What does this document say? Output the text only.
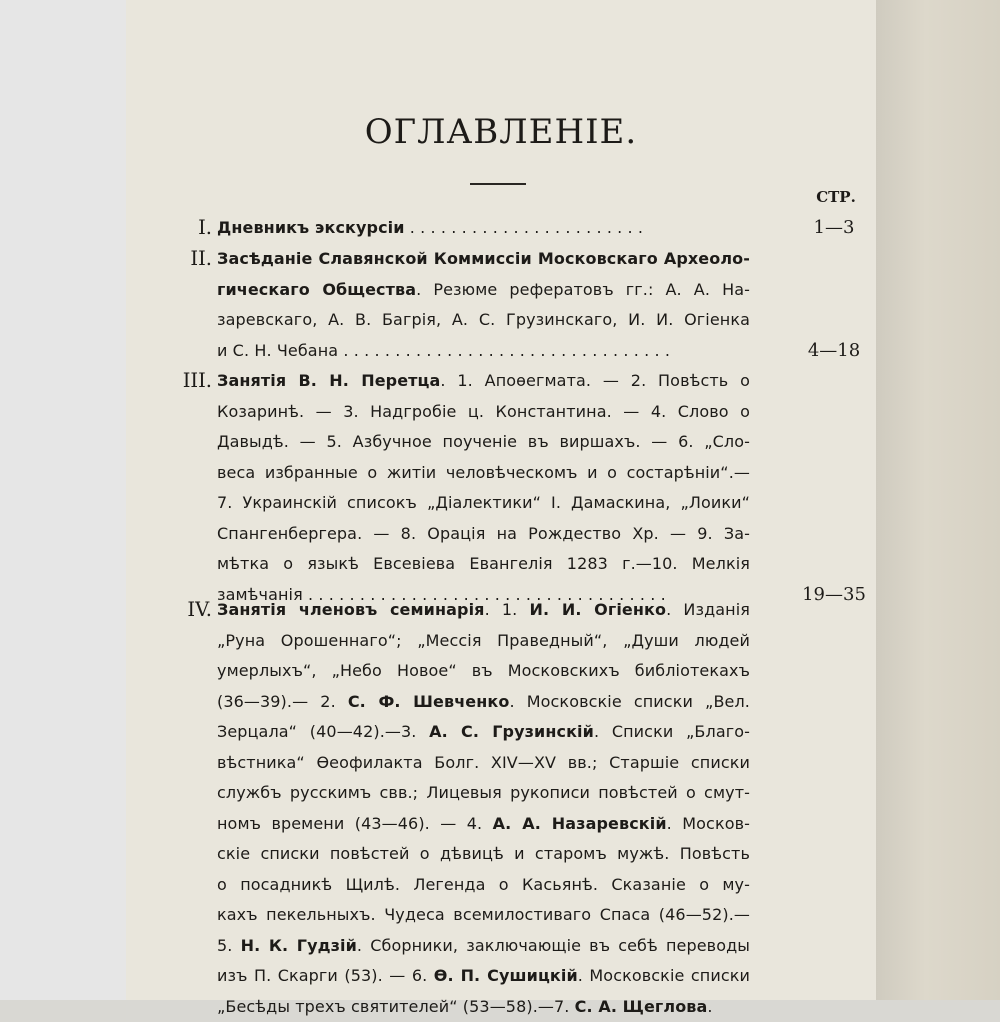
ОГЛАВЛЕНIЕ.
СТР.
I. Дневникъ экскурсiи . . . . . . . . . . . . . . . . . . . . . . .	1—3
II. Засѣданiе Славянской Коммиссiи Московскаго Археоло-
гическаго Общества. Резюме рефератовъ гг.: А. А. На-
заревскаго, А. В. Багрiя, А. С. Грузинскаго, И. И. Огiенка
и С. Н. Чебана . . . . . . . . . . . . . . . . . . . . . . . . . . . . . . . .	4—18
III. Занятiя В. Н. Перетца. 1. Апоѳегмата. — 2. Повѣсть о
Козаринѣ. — 3. Надгробiе ц. Константина. — 4. Слово о
Давыдѣ. — 5. Азбучное поученiе въ виршахъ. — 6. „Сло-
веса избранные о житiи человѣческомъ и о состарѣнiи“.—
7. Украинскiй списокъ „Дiалектики“ I. Дамаскина, „Лоики“
Спангенбергера. — 8. Орацiя на Рождество Хр. — 9. За-
мѣтка о языкѣ Евсевiева Евангелiя 1283 г.—10. Мелкiя
замѣчанiя . . . . . . . . . . . . . . . . . . . . . . . . . . . . . . . . . . .	19—35
IV. Занятiя членовъ семинарiя. 1. И. И. Огiенко. Изданiя
„Руна Орошеннаго“; „Мессiя Праведный“, „Души людей
умерлыхъ“, „Небо Новое“ въ Московскихъ библiотекахъ
(36—39).— 2. С. Ф. Шевченко. Московскiе списки „Вел.
Зерцала“ (40—42).—3. А. С. Грузинскiй. Списки „Благо-
вѣстника“ Ѳеофилакта Болг. XIV—XV вв.; Старшiе списки
службъ русскимъ свв.; Лицевыя рукописи повѣстей о смут-
номъ времени (43—46). — 4. А. А. Назаревскiй. Москов-
скiе списки повѣстей о дѣвицѣ и старомъ мужѣ. Повѣсть
о посадникѣ Щилѣ. Легенда о Касьянѣ. Сказанiе о му-
кахъ пекельныхъ. Чудеса всемилостиваго Спаса (46—52).—
5. Н. К. Гудзiй. Сборники, заключающiе въ себѣ переводы
изъ П. Скарги (53). — 6. Ѳ. П. Сушицкiй. Московскiе списки
„Бесѣды трехъ святителей“ (53—58).—7. С. А. Щеглова.
